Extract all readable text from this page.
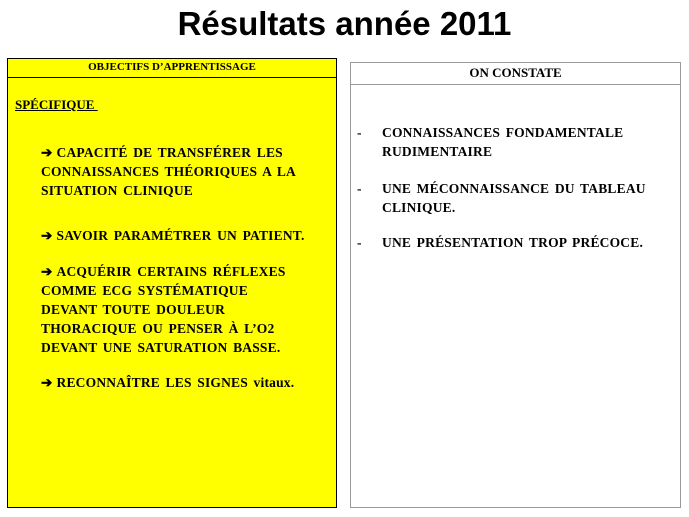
Résultats année 2011
OBJECTIFS D’APPRENTISSAGE
SPÉCIFIQUE
➔ CAPACITÉ DE TRANSFÉRER LES
CONNAISSANCES THÉORIQUES A LA
SITUATION CLINIQUE
➔ SAVOIR PARAMÉTRER UN PATIENT.
➔ ACQUÉRIR CERTAINS RÉFLEXES
COMME ECG SYSTÉMATIQUE
DEVANT TOUTE DOULEUR
THORACIQUE OU PENSER À L’O2
DEVANT UNE SATURATION BASSE.
➔ RECONNAÎTRE LES SIGNES vitaux.
ON CONSTATE
- CONNAISSANCES FONDAMENTALE
RUDIMENTAIRE
- UNE MÉCONNAISSANCE DU TABLEAU
CLINIQUE.
- UNE PRÉSENTATION TROP PRÉCOCE.
